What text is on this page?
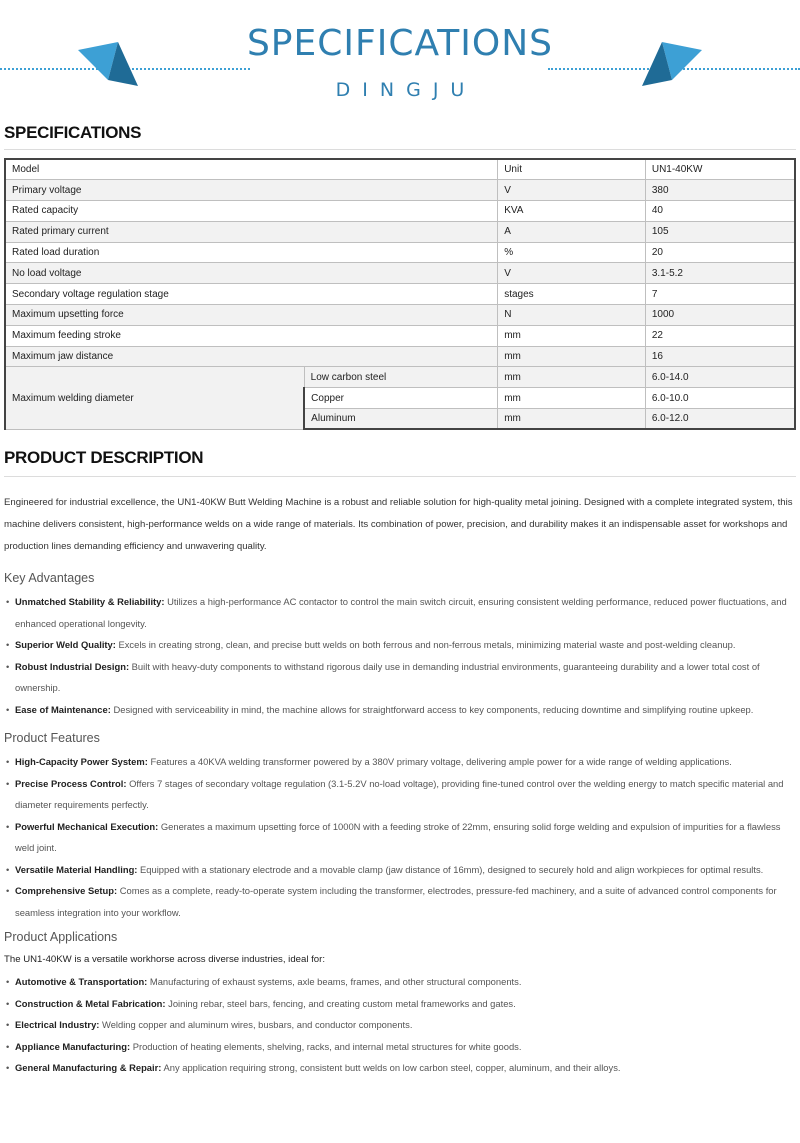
SPECIFICATIONS
DINGJU
SPECIFICATIONS
Model		Unit	UN1-40KW
Primary voltage		V	380
Rated capacity		KVA	40
Rated primary current		A	105
Rated load duration		%	20
No load voltage		V	3.1-5.2
Secondary voltage regulation stage		stages	7
Maximum upsetting force		N	1000
Maximum feeding stroke		mm	22
Maximum jaw distance		mm	16
Maximum welding diameter	Low carbon steel	mm	6.0-14.0
	Copper	mm	6.0-10.0
	Aluminum	mm	6.0-12.0
PRODUCT DESCRIPTION

Engineered for industrial excellence, the UN1-40KW Butt Welding Machine is a robust and reliable solution for high-quality metal joining. Designed with a complete integrated system, this machine delivers consistent, high-performance welds on a wide range of materials. Its combination of power, precision, and durability makes it an indispensable asset for workshops and production lines demanding efficiency and unwavering quality.

Key Advantages
• Unmatched Stability & Reliability: Utilizes a high-performance AC contactor to control the main switch circuit, ensuring consistent welding performance, reduced power fluctuations, and enhanced operational longevity.
• Superior Weld Quality: Excels in creating strong, clean, and precise butt welds on both ferrous and non-ferrous metals, minimizing material waste and post-welding cleanup.
• Robust Industrial Design: Built with heavy-duty components to withstand rigorous daily use in demanding industrial environments, guaranteeing durability and a lower total cost of ownership.
• Ease of Maintenance: Designed with serviceability in mind, the machine allows for straightforward access to key components, reducing downtime and simplifying routine upkeep.
Product Features
• High-Capacity Power System: Features a 40KVA welding transformer powered by a 380V primary voltage, delivering ample power for a wide range of welding applications.
• Precise Process Control: Offers 7 stages of secondary voltage regulation (3.1-5.2V no-load voltage), providing fine-tuned control over the welding energy to match specific material and diameter requirements perfectly.
• Powerful Mechanical Execution: Generates a maximum upsetting force of 1000N with a feeding stroke of 22mm, ensuring solid forge welding and expulsion of impurities for a flawless weld joint.
• Versatile Material Handling: Equipped with a stationary electrode and a movable clamp (jaw distance of 16mm), designed to securely hold and align workpieces for optimal results.
• Comprehensive Setup: Comes as a complete, ready-to-operate system including the transformer, electrodes, pressure-fed machinery, and a suite of advanced control components for seamless integration into your workflow.
Product Applications
The UN1-40KW is a versatile workhorse across diverse industries, ideal for:
• Automotive & Transportation: Manufacturing of exhaust systems, axle beams, frames, and other structural components.
• Construction & Metal Fabrication: Joining rebar, steel bars, fencing, and creating custom metal frameworks and gates.
• Electrical Industry: Welding copper and aluminum wires, busbars, and conductor components.
• Appliance Manufacturing: Production of heating elements, shelving, racks, and internal metal structures for white goods.
• General Manufacturing & Repair: Any application requiring strong, consistent butt welds on low carbon steel, copper, aluminum, and their alloys.
